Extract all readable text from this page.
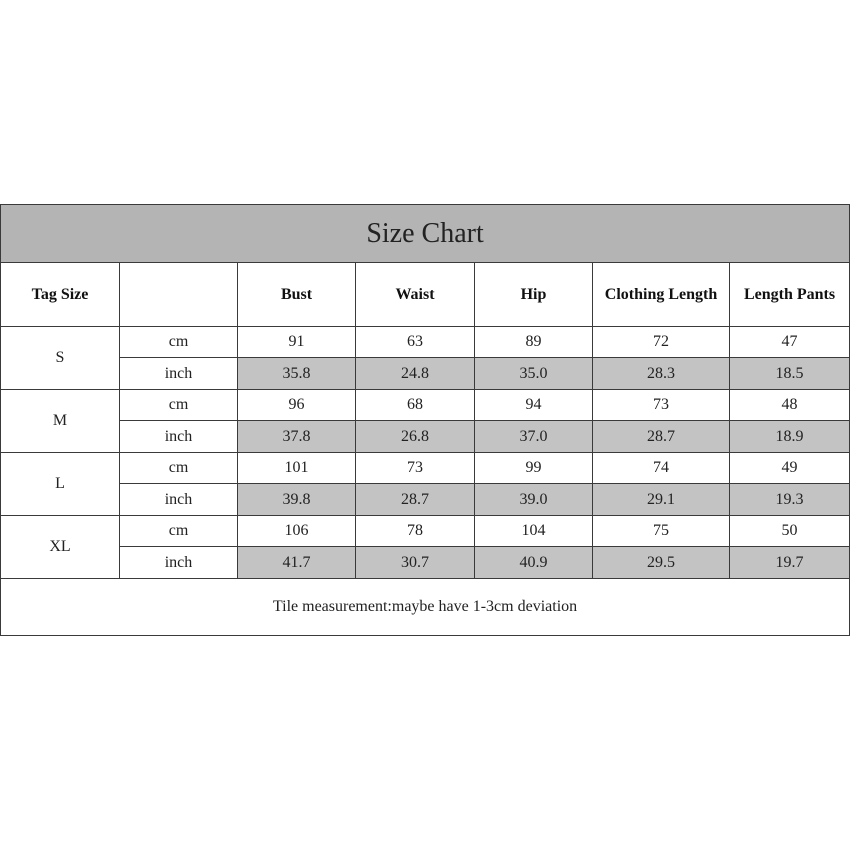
Size Chart						
Tag Size		Bust	Waist	Hip	Clothing Length	Length Pants
S	cm	91	63	89	72	47
	inch	35.8	24.8	35.0	28.3	18.5
M	cm	96	68	94	73	48
	inch	37.8	26.8	37.0	28.7	18.9
L	cm	101	73	99	74	49
	inch	39.8	28.7	39.0	29.1	19.3
XL	cm	106	78	104	75	50
	inch	41.7	30.7	40.9	29.5	19.7
Tile measurement:maybe have 1-3cm deviation						
